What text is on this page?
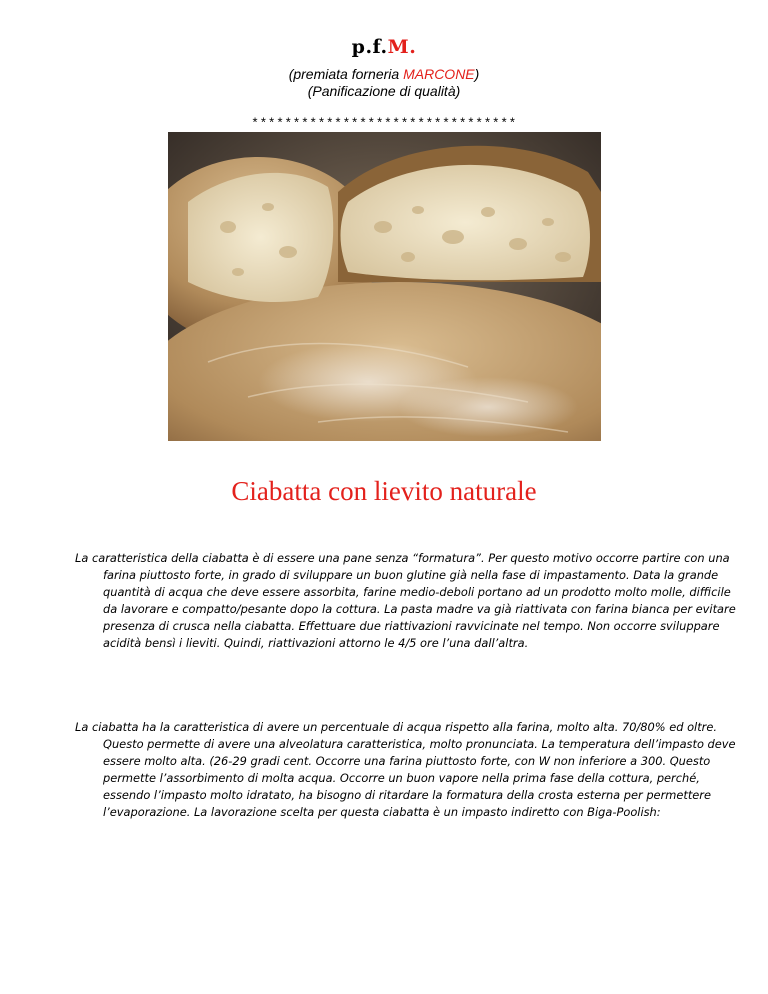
p.f.M.
(premiata forneria MARCONE)
(Panificazione di qualità)
********************************
Ciabatta con lievito naturale

La caratteristica della ciabatta è di essere una pane senza “formatura”. Per questo motivo occorre partire con una farina piuttosto forte, in grado di sviluppare un buon glutine già nella fase di impastamento. Data la grande quantità di acqua che deve essere assorbita, farine medio-deboli portano ad un prodotto molto molle, difficile da lavorare e compatto/pesante dopo la cottura. La pasta madre va già riattivata con farina bianca per evitare presenza di crusca nella ciabatta. Effettuare due riattivazioni ravvicinate nel tempo. Non occorre sviluppare acidità bensì i lieviti. Quindi, riattivazioni attorno le 4/5 ore l’una dall’altra.

La ciabatta ha la caratteristica di avere un percentuale di acqua rispetto alla farina, molto alta. 70/80% ed oltre. Questo permette di avere una alveolatura caratteristica, molto pronunciata. La temperatura dell’impasto deve essere molto alta. (26-29 gradi cent. Occorre una farina piuttosto forte, con W non inferiore a 300. Questo permette l’assorbimento di molta acqua. Occorre un buon vapore nella prima fase della cottura, perché, essendo l’impasto molto idratato, ha bisogno di ritardare la formatura della crosta esterna per permettere l’evaporazione. La lavorazione scelta per questa ciabatta è un impasto indiretto con Biga-Poolish:
